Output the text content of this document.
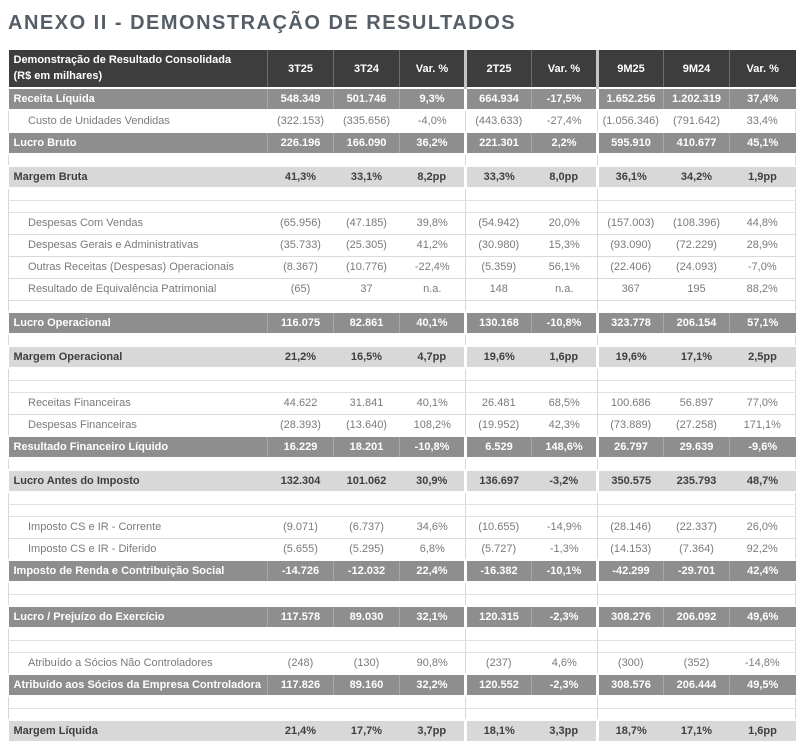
ANEXO II - DEMONSTRAÇÃO DE RESULTADOS
Demonstração de Resultado Consolidada
(R$ em milhares)	3T25	3T24	Var. %	2T25	Var. %	9M25	9M24	Var. %
Receita Líquida	548.349	501.746	9,3%	664.934	-17,5%	1.652.256	1.202.319	37,4%
Custo de Unidades Vendidas	(322.153)	(335.656)	-4,0%	(443.633)	-27,4%	(1.056.346)	(791.642)	33,4%
Lucro Bruto	226.196	166.090	36,2%	221.301	2,2%	595.910	410.677	45,1%

Margem Bruta	41,3%	33,1%	8,2pp	33,3%	8,0pp	36,1%	34,2%	1,9pp

Despesas Com Vendas	(65.956)	(47.185)	39,8%	(54.942)	20,0%	(157.003)	(108.396)	44,8%
Despesas Gerais e Administrativas	(35.733)	(25.305)	41,2%	(30.980)	15,3%	(93.090)	(72.229)	28,9%
Outras Receitas (Despesas) Operacionais	(8.367)	(10.776)	-22,4%	(5.359)	56,1%	(22.406)	(24.093)	-7,0%
Resultado de Equivalência Patrimonial	(65)	37	n.a.	148	n.a.	367	195	88,2%

Lucro Operacional	116.075	82.861	40,1%	130.168	-10,8%	323.778	206.154	57,1%

Margem Operacional	21,2%	16,5%	4,7pp	19,6%	1,6pp	19,6%	17,1%	2,5pp

Receitas Financeiras	44.622	31.841	40,1%	26.481	68,5%	100.686	56.897	77,0%
Despesas Financeiras	(28.393)	(13.640)	108,2%	(19.952)	42,3%	(73.889)	(27.258)	171,1%
Resultado Financeiro Líquido	16.229	18.201	-10,8%	6.529	148,6%	26.797	29.639	-9,6%

Lucro Antes do Imposto	132.304	101.062	30,9%	136.697	-3,2%	350.575	235.793	48,7%

Imposto CS e IR - Corrente	(9.071)	(6.737)	34,6%	(10.655)	-14,9%	(28.146)	(22.337)	26,0%
Imposto CS e IR - Diferido	(5.655)	(5.295)	6,8%	(5.727)	-1,3%	(14.153)	(7.364)	92,2%
Imposto de Renda e Contribuição Social	-14.726	-12.032	22,4%	-16.382	-10,1%	-42.299	-29.701	42,4%

Lucro / Prejuízo do Exercício	117.578	89.030	32,1%	120.315	-2,3%	308.276	206.092	49,6%

Atribuído a Sócios Não Controladores	(248)	(130)	90,8%	(237)	4,6%	(300)	(352)	-14,8%
Atribuído aos Sócios da Empresa Controladora	117.826	89.160	32,2%	120.552	-2,3%	308.576	206.444	49,5%

Margem Líquida	21,4%	17,7%	3,7pp	18,1%	3,3pp	18,7%	17,1%	1,6pp
